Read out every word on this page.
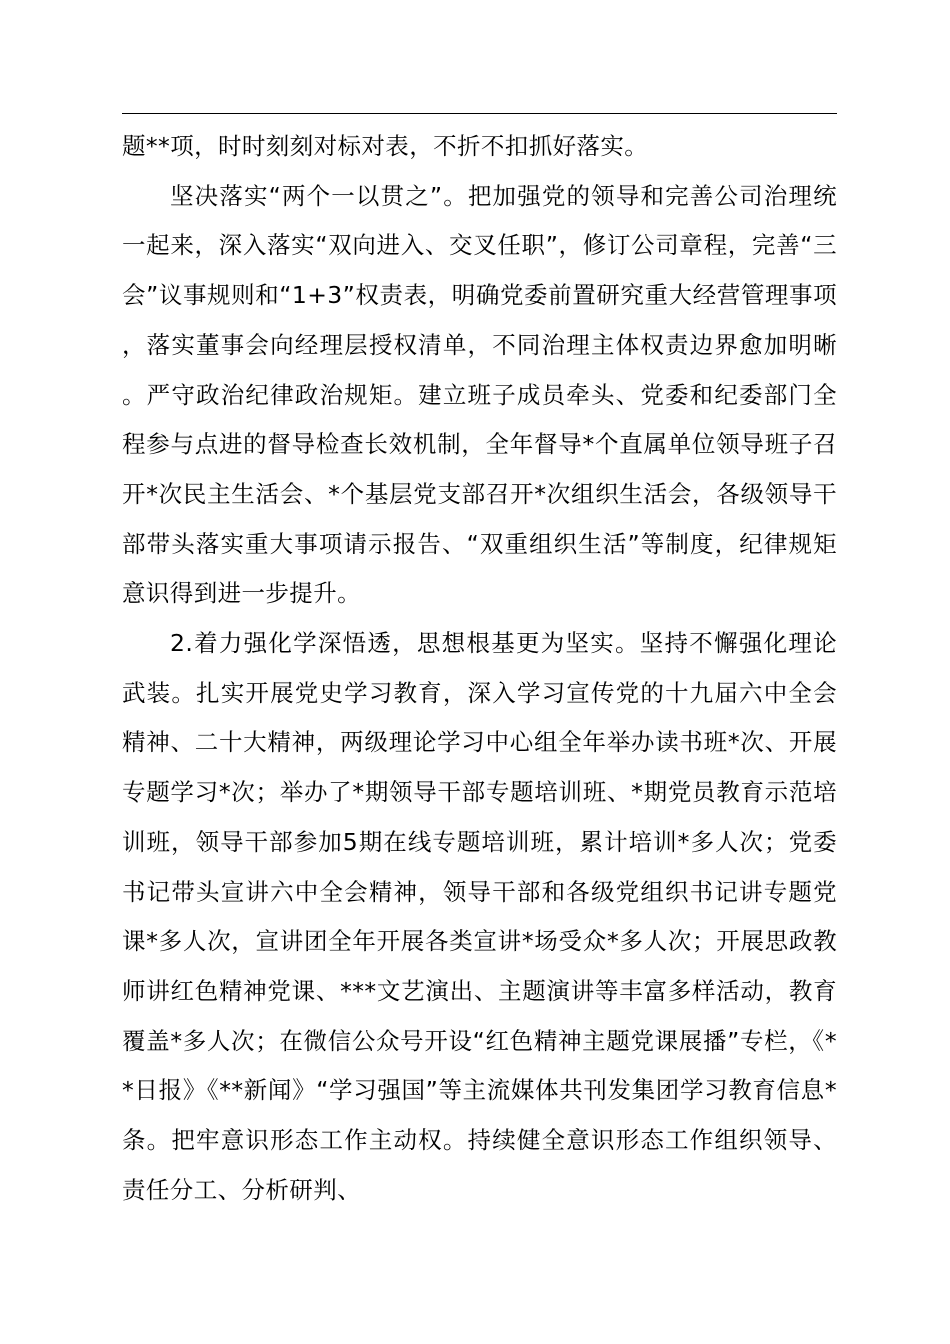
题**项，时时刻刻对标对表，不折不扣抓好落实。

坚决落实“两个一以贯之”。把加强党的领导和完善公司治理统一起来，深入落实“双向进入、交叉任职”，修订公司章程，完善“三会”议事规则和“1+3”权责表，明确党委前置研究重大经营管理事项，落实董事会向经理层授权清单，不同治理主体权责边界愈加明晰。严守政治纪律政治规矩。建立班子成员牵头、党委和纪委部门全程参与点进的督导检查长效机制，全年督导*个直属单位领导班子召开*次民主生活会、*个基层党支部召开*次组织生活会，各级领导干部带头落实重大事项请示报告、“双重组织生活”等制度，纪律规矩意识得到进一步提升。

2.着力强化学深悟透，思想根基更为坚实。坚持不懈强化理论武装。扎实开展党史学习教育，深入学习宣传党的十九届六中全会精神、二十大精神，两级理论学习中心组全年举办读书班*次、开展专题学习*次；举办了*期领导干部专题培训班、*期党员教育示范培训班，领导干部参加5期在线专题培训班，累计培训*多人次；党委书记带头宣讲六中全会精神，领导干部和各级党组织书记讲专题党课*多人次，宣讲团全年开展各类宣讲*场受众*多人次；开展思政教师讲红色精神党课、***文艺演出、主题演讲等丰富多样活动，教育覆盖*多人次；在微信公众号开设“红色精神主题党课展播”专栏，《**日报》《**新闻》“学习强国”等主流媒体共刊发集团学习教育信息*条。把牢意识形态工作主动权。持续健全意识形态工作组织领导、责任分工、分析研判、
